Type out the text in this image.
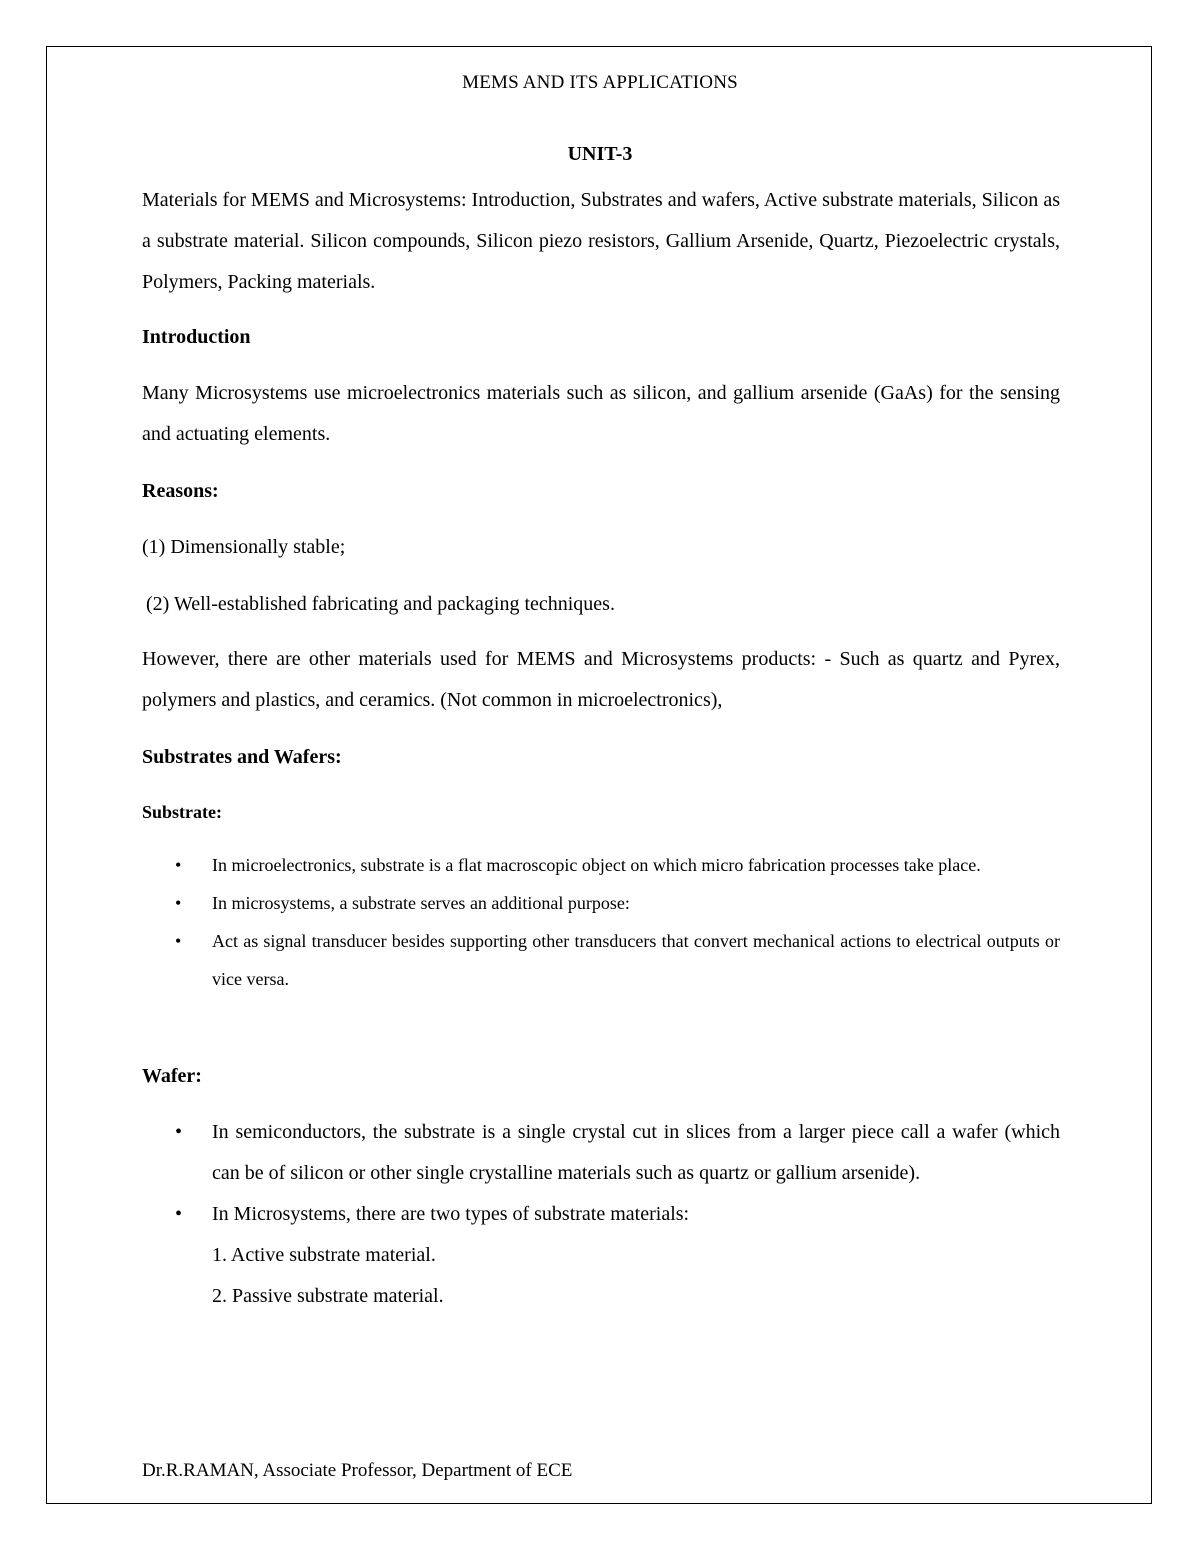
MEMS AND ITS APPLICATIONS
UNIT-3

Materials for MEMS and Microsystems: Introduction, Substrates and wafers, Active substrate materials, Silicon as a substrate material. Silicon compounds, Silicon piezo resistors, Gallium Arsenide, Quartz, Piezoelectric crystals, Polymers, Packing materials.

Introduction

Many Microsystems use microelectronics materials such as silicon, and gallium arsenide (GaAs) for the sensing and actuating elements.

Reasons:

(1) Dimensionally stable;

(2) Well-established fabricating and packaging techniques.

However, there are other materials used for MEMS and Microsystems products: - Such as quartz and Pyrex, polymers and plastics, and ceramics. (Not common in microelectronics),

Substrates and Wafers:

Substrate:

• In microelectronics, substrate is a flat macroscopic object on which micro fabrication processes take place.
• In microsystems, a substrate serves an additional purpose:
• Act as signal transducer besides supporting other transducers that convert mechanical actions to electrical outputs or vice versa.

Wafer:

• In semiconductors, the substrate is a single crystal cut in slices from a larger piece call a wafer (which can be of silicon or other single crystalline materials such as quartz or gallium arsenide).
• In Microsystems, there are two types of substrate materials:
1. Active substrate material.
2. Passive substrate material.
Dr.R.RAMAN, Associate Professor, Department of ECE
